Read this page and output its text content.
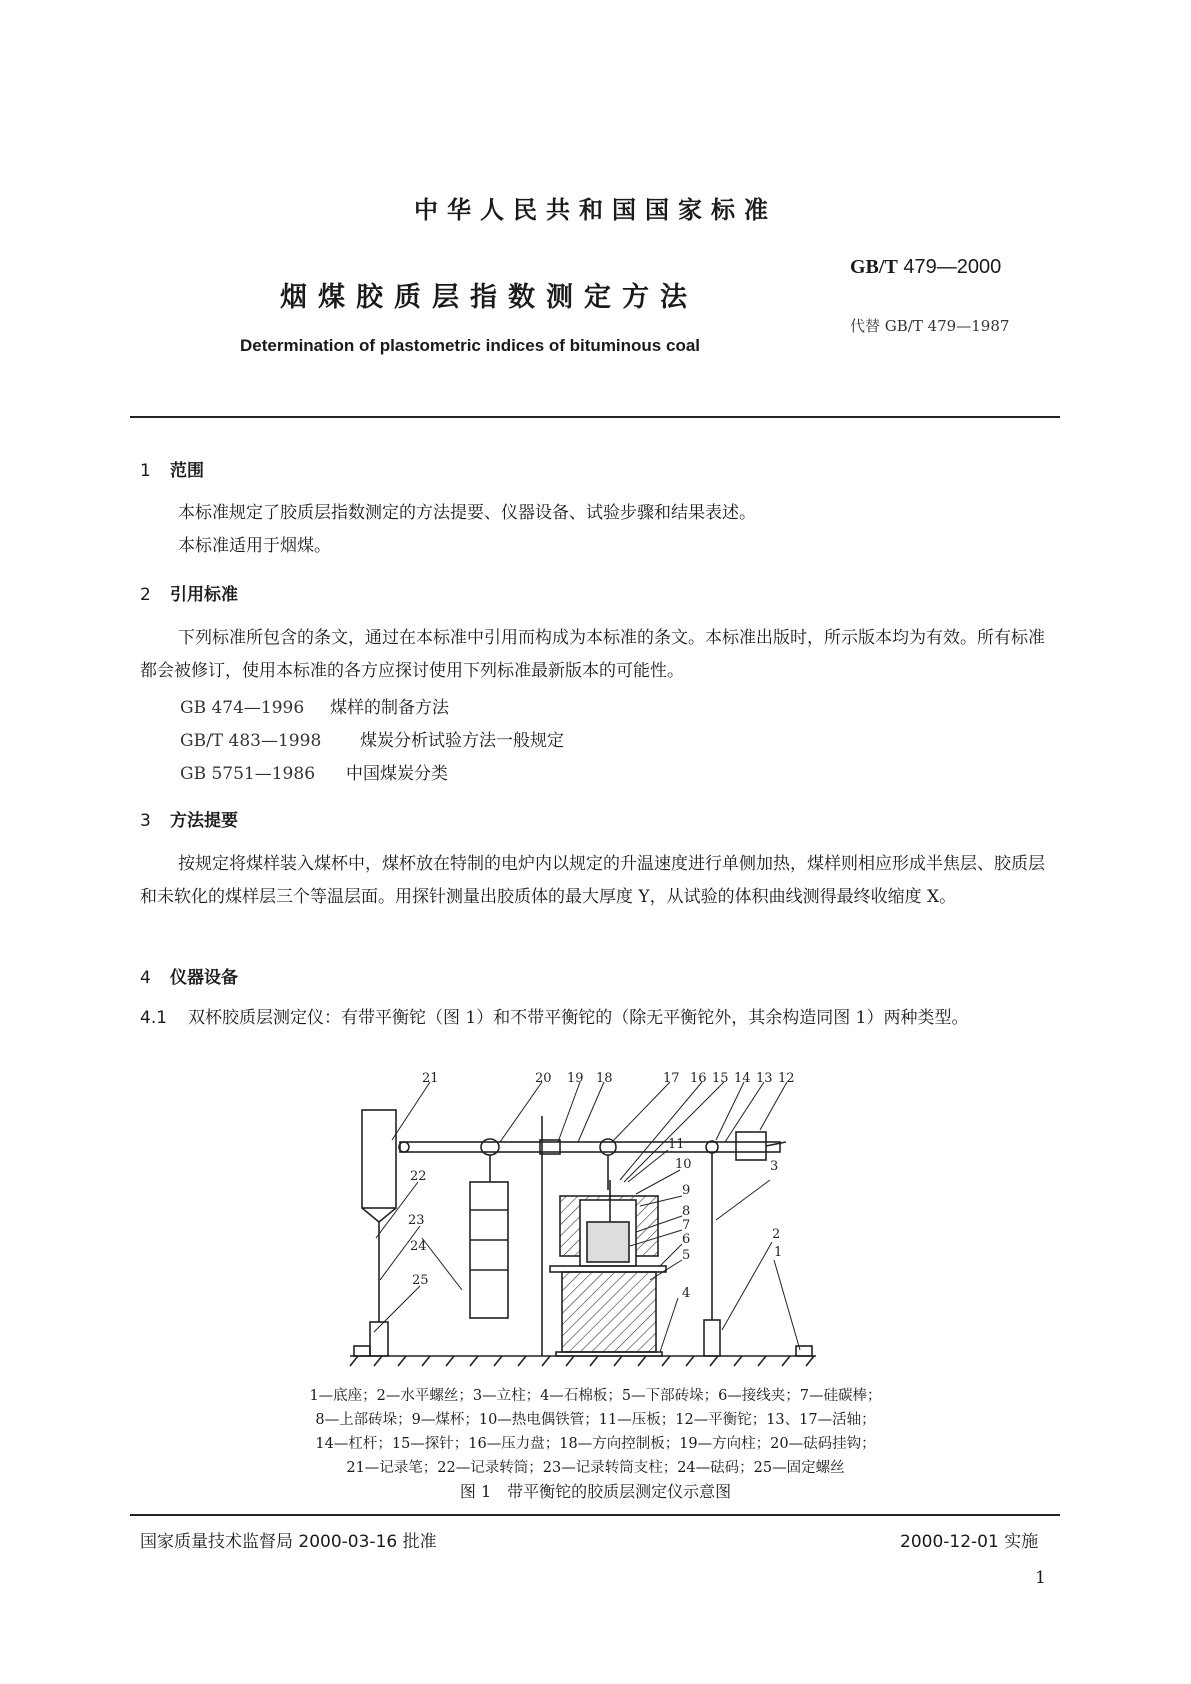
中华人民共和国国家标准
烟煤胶质层指数测定方法
Determination of plastometric indices of bituminous coal
GB/T 479—2000
代替 GB/T 479—1987
1 范围
本标准规定了胶质层指数测定的方法提要、仪器设备、试验步骤和结果表述。
本标准适用于烟煤。
2 引用标准
下列标准所包含的条文，通过在本标准中引用而构成为本标准的条文。本标准出版时，所示版本均为有效。所有标准都会被修订，使用本标准的各方应探讨使用下列标准最新版本的可能性。
GB 474—1996 煤样的制备方法
GB/T 483—1998 煤炭分析试验方法一般规定
GB 5751—1986 中国煤炭分类
3 方法提要
按规定将煤样装入煤杯中，煤杯放在特制的电炉内以规定的升温速度进行单侧加热，煤样则相应形成半焦层、胶质层和未软化的煤样层三个等温层面。用探针测量出胶质体的最大厚度 Y，从试验的体积曲线测得最终收缩度 X。
4 仪器设备
4.1 双杯胶质层测定仪：有带平衡铊（图 1）和不带平衡铊的（除无平衡铊外，其余构造同图 1）两种类型。
21	20 19 18	17 16 15 14 13 12
11
10
9
8
7
6
5
4
3
2
1
22
23
24
25
1—底座；2—水平螺丝；3—立柱；4—石棉板；5—下部砖垛；6—接线夹；7—硅碳棒；
8—上部砖垛；9—煤杯；10—热电偶铁管；11—压板；12—平衡铊；13、17—活轴；
14—杠杆；15—探针；16—压力盘；18—方向控制板；19—方向柱；20—砝码挂钩；
21—记录笔；22—记录转筒；23—记录转筒支柱；24—砝码；25—固定螺丝
图 1　带平衡铊的胶质层测定仪示意图
国家质量技术监督局 2000-03-16 批准	2000-12-01 实施
1
